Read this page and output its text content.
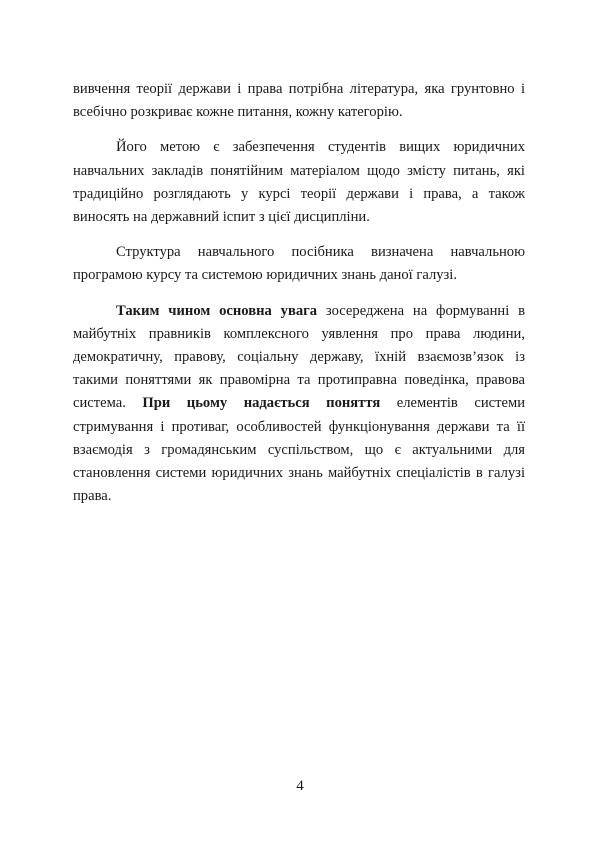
вивчення теорії держави і права потрібна література, яка грунтовно і всебічно розкриває кожне питання, кожну категорію.

Його метою є забезпечення студентів вищих юридичних навчальних закладів понятійним матеріалом щодо змісту питань, які традиційно розглядають у курсі теорії держави і права, а також виносять на державний іспит з цієї дисципліни.

Структура навчального посібника визначена навчальною програмою курсу та системою юридичних знань даної галузі.

Таким чином основна увага зосереджена на формуванні в майбутніх правників комплексного уявлення про права людини, демократичну, правову, соціальну державу, їхній взаємозв’язок із такими поняттями як правомірна та протиправна поведінка, правова система. При цьому надається поняття елементів системи стримування і противаг, особливостей функціонування держави та її взаємодія з громадянським суспільством, що є актуальними для становлення системи юридичних знань майбутніх спеціалістів в галузі права.

4
